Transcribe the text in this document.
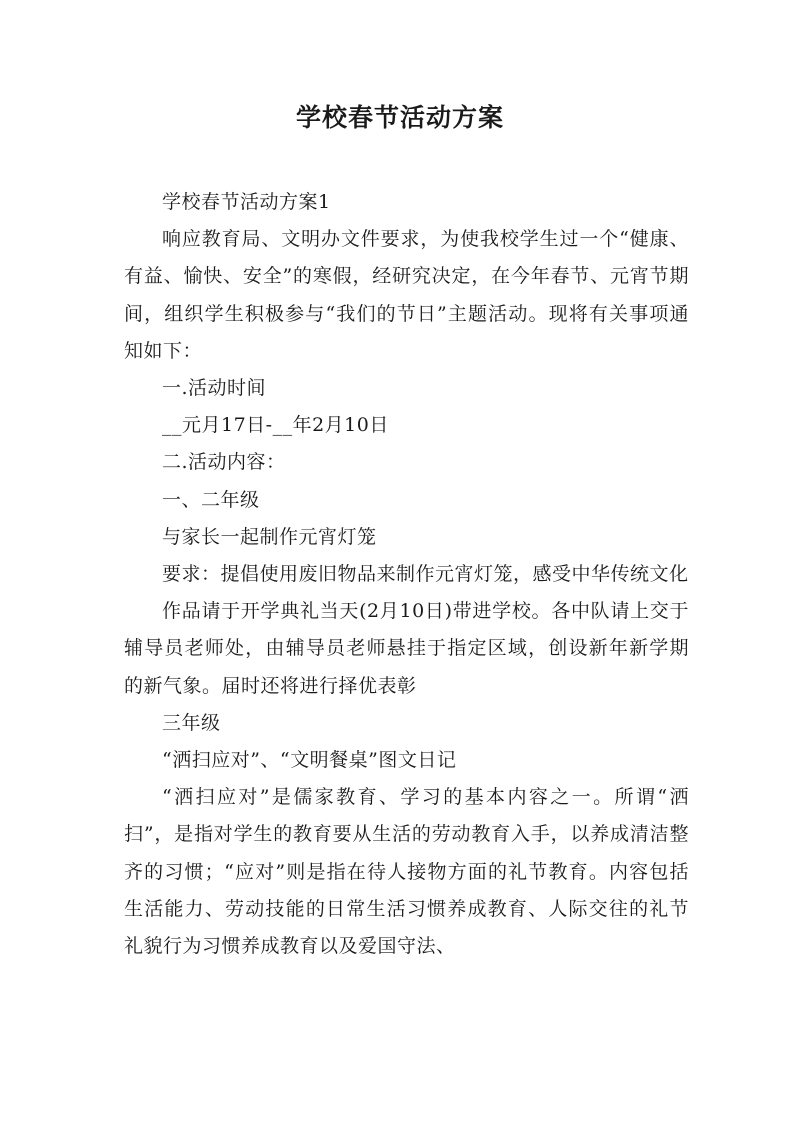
学校春节活动方案

学校春节活动方案1

响应教育局、文明办文件要求，为使我校学生过一个“健康、有益、愉快、安全”的寒假，经研究决定，在今年春节、元宵节期间，组织学生积极参与“我们的节日”主题活动。现将有关事项通知如下：

一.活动时间

__元月17日-__年2月10日

二.活动内容：

一、二年级

与家长一起制作元宵灯笼

要求：提倡使用废旧物品来制作元宵灯笼，感受中华传统文化

作品请于开学典礼当天(2月10日)带进学校。各中队请上交于辅导员老师处，由辅导员老师悬挂于指定区域，创设新年新学期的新气象。届时还将进行择优表彰

三年级

“洒扫应对”、“文明餐桌”图文日记

“洒扫应对”是儒家教育、学习的基本内容之一。所谓“洒扫”，是指对学生的教育要从生活的劳动教育入手，以养成清洁整齐的习惯；“应对”则是指在待人接物方面的礼节教育。内容包括生活能力、劳动技能的日常生活习惯养成教育、人际交往的礼节礼貌行为习惯养成教育以及爱国守法、
